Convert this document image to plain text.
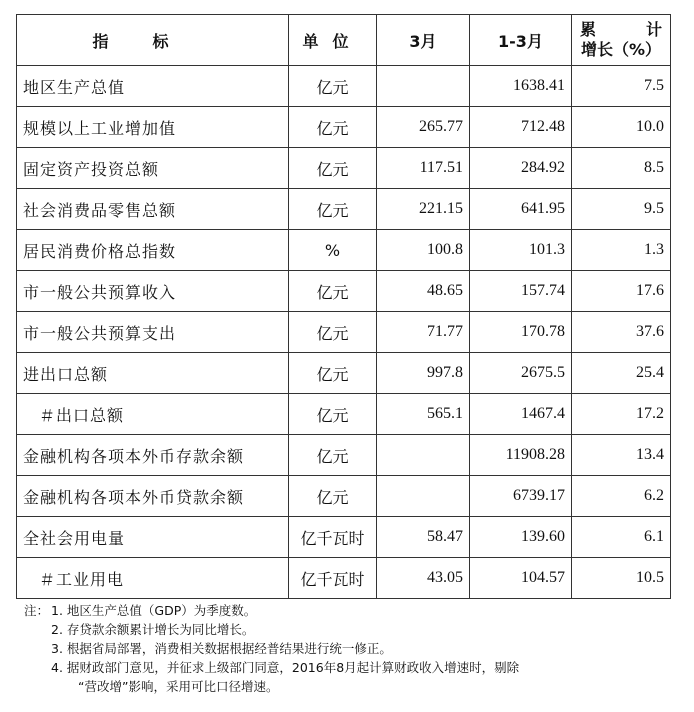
指标	单位	3月	1-3月	累计
增长（%）

地区生产总值	亿元		1638.41	7.5
规模以上工业增加值	亿元	265.77	712.48	10.0
固定资产投资总额	亿元	117.51	284.92	8.5
社会消费品零售总额	亿元	221.15	641.95	9.5
居民消费价格总指数	%	100.8	101.3	1.3
市一般公共预算收入	亿元	48.65	157.74	17.6
市一般公共预算支出	亿元	71.77	170.78	37.6
进出口总额	亿元	997.8	2675.5	25.4
＃出口总额	亿元	565.1	1467.4	17.2
金融机构各项本外币存款余额	亿元		11908.28	13.4
金融机构各项本外币贷款余额	亿元		6739.17	6.2
全社会用电量	亿千瓦时	58.47	139.60	6.1
＃工业用电	亿千瓦时	43.05	104.57	10.5
注： 1. 地区生产总值（GDP）为季度数。
2. 存贷款余额累计增长为同比增长。
3. 根据省局部署，消费相关数据根据经普结果进行统一修正。
4. 据财政部门意见，并征求上级部门同意，2016年8月起计算财政收入增速时，剔除
“营改增”影响，采用可比口径增速。
